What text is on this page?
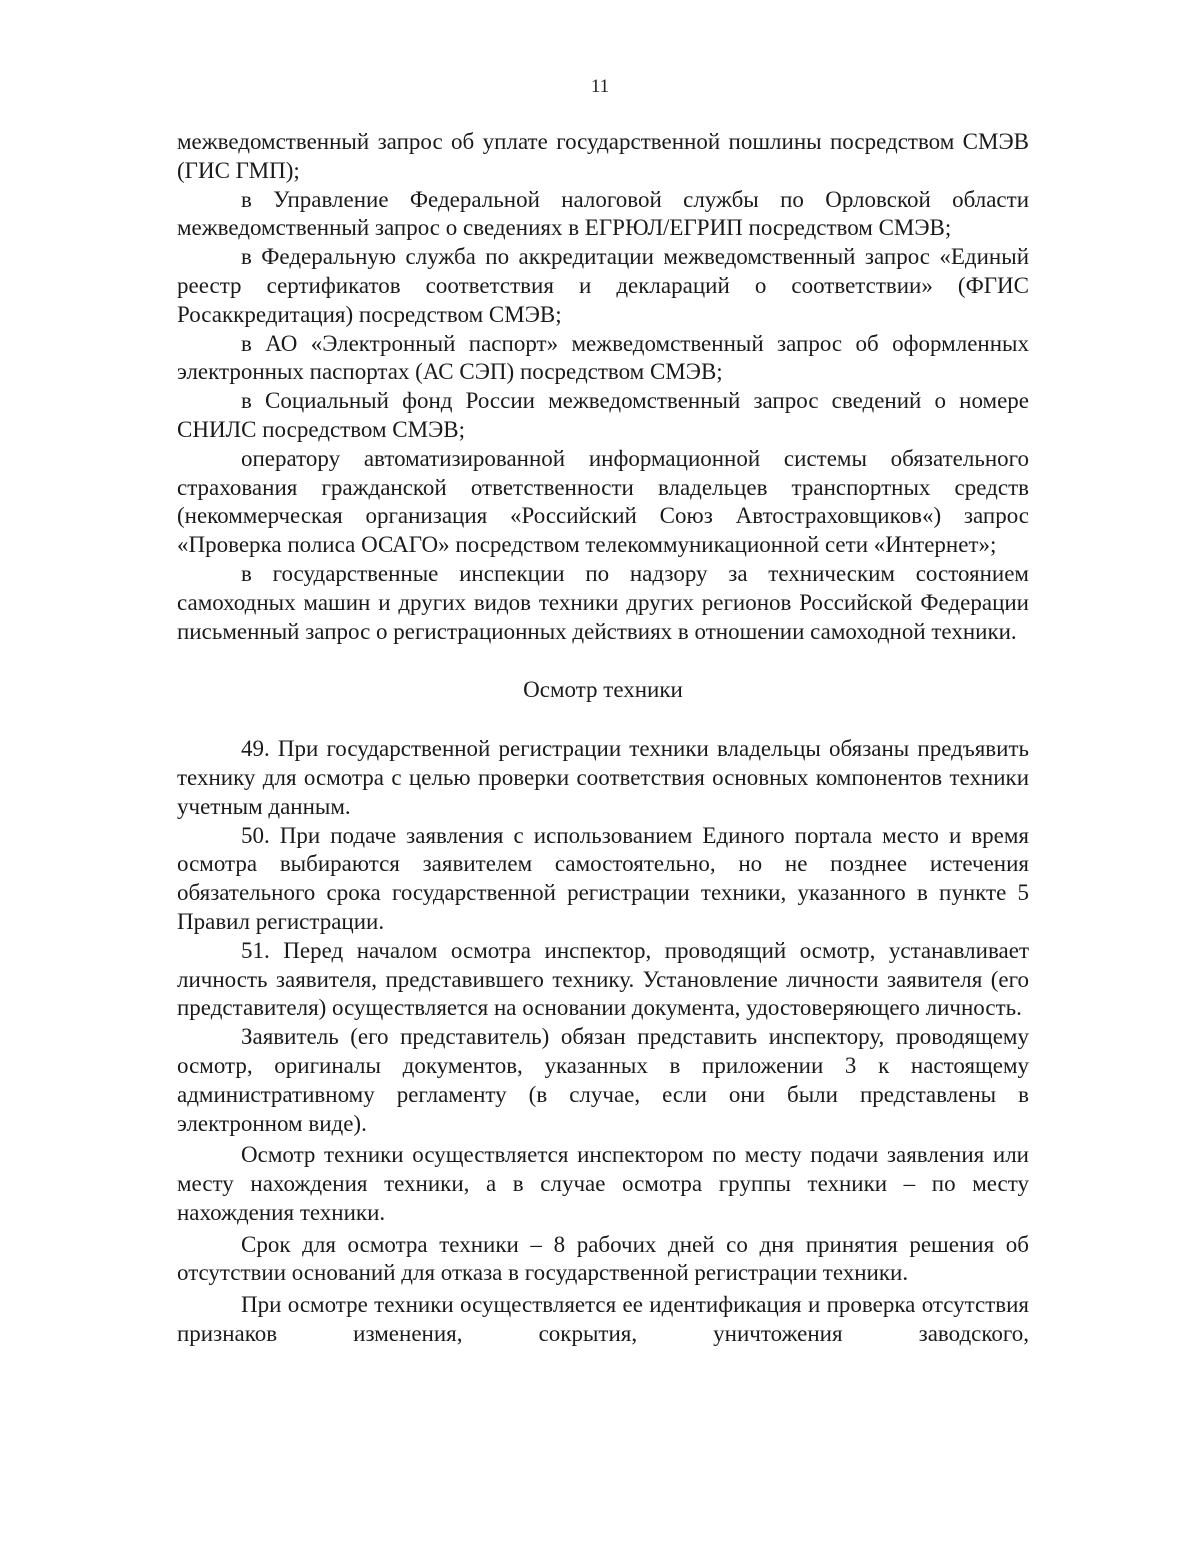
11

межведомственный запрос об уплате государственной пошлины посредством СМЭВ (ГИС ГМП);

в Управление Федеральной налоговой службы по Орловской области межведомственный запрос о сведениях в ЕГРЮЛ/ЕГРИП посредством СМЭВ;

в Федеральную служба по аккредитации межведомственный запрос «Единый реестр сертификатов соответствия и деклараций о соответствии» (ФГИС Росаккредитация) посредством СМЭВ;

в АО «Электронный паспорт» межведомственный запрос об оформленных электронных паспортах (АС СЭП) посредством СМЭВ;

в Социальный фонд России межведомственный запрос сведений о номере СНИЛС посредством СМЭВ;

оператору автоматизированной информационной системы обязательного страхования гражданской ответственности владельцев транспортных средств (некоммерческая организация «Российский Союз Автостраховщиков«) запрос «Проверка полиса ОСАГО» посредством телекоммуникационной сети «Интернет»;

в государственные инспекции по надзору за техническим состоянием самоходных машин и других видов техники других регионов Российской Федерации письменный запрос о регистрационных действиях в отношении самоходной техники.

Осмотр техники

49. При государственной регистрации техники владельцы обязаны предъявить технику для осмотра с целью проверки соответствия основных компонентов техники учетным данным.

50. При подаче заявления с использованием Единого портала место и время осмотра выбираются заявителем самостоятельно, но не позднее истечения обязательного срока государственной регистрации техники, указанного в пункте 5 Правил регистрации.

51. Перед началом осмотра инспектор, проводящий осмотр, устанавливает личность заявителя, представившего технику. Установление личности заявителя (его представителя) осуществляется на основании документа, удостоверяющего личность.

Заявитель (его представитель) обязан представить инспектору, проводящему осмотр, оригиналы документов, указанных в приложении 3 к настоящему административному регламенту (в случае, если они были представлены в электронном виде).

Осмотр техники осуществляется инспектором по месту подачи заявления или месту нахождения техники, а в случае осмотра группы техники – по месту нахождения техники.

Срок для осмотра техники – 8 рабочих дней со дня принятия решения об отсутствии оснований для отказа в государственной регистрации техники.

При осмотре техники осуществляется ее идентификация и проверка отсутствия признаков изменения, сокрытия, уничтожения заводского,
